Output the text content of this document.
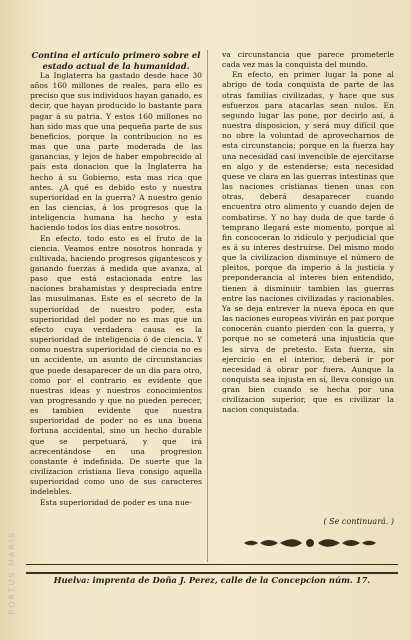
PORTUS MARIS

Contina el artículo primero sobre el estado actual de la humanidad.

La Inglaterra ha gastado desde hace 30 años 160 millones de reales, para ello es preciso que sus individuos hayan ganado, es decir, que hayan producido lo bastante para pagar á su patria. Y estos 160 millones no han sido mas que una pequeña parte de sus beneficios, porque la contribucion no es mas que una parte moderada de las ganancias, y lejos de haber empobrecido al país esta donacion que la Inglaterra ha hecho á su Gobierno, esta mas rica que antes. ¿A qué es debido esto y nuestra superioridad en la guerra? A nuestro genio en las ciencias, á los progresos que la inteligencia humana ha hecho y esta haciendo todos los dias entre nosotros.

En efecto, todo esto es el fruto de la ciencia. Veamos entre nosotros honrada y cultivada, haciendo progresos gigantescos y ganando fuerzas á medida que avanza, al paso que está estacionada entre las naciones brahamistas y despreciada entre las musulmanas. Este es el secreto de la superioridad de nuestro poder, esta superioridad del poder no es mas que un efecto cuya verdadera causa es la superioridad de inteligencia ó de ciencia. Y como nuestra superioridad de ciencia no es un accidente, un asunto de circunstancias que puede desaparecer de un dia para otro, como por el contrario es evidente que nuestras ideas y nuestros conocimientos van progresando y que no pueden perecer, es tambien evidente que nuestra superioridad de poder no es una buena fortuna accidental, sino un hecho durable que se perpetuará, y que irá acrecentándose en una progresion constante é indefinida. De suerte que la civilizacion cristiana lleva consigo aquella superioridad como uno de sus caracteres indelebles.

Esta superioridad de poder es una nue-

va circunstancia que parece prometerle cada vez mas la conquista del mundo.

En efecto, en primer lugar la pone al abrigo de toda conquista de parte de las otras familias civilizadas, y hace que sus esfuerzos para atacarlas sean nulos. En segundo lugar las pone, por decirlo así, á nuestra disposicion, y será muy difícil que no obre la voluntad de aprovecharnos de esta circunstancia; porque en la fuerza hay una necesidad casi invencible de ejercitarse en algo y de estenderse; esta necesidad quese ve clara en las guerras intestinas que las naciones cristianas tienen unas con otras, deberá desaparecer cuando encuentra otro alimento y cuando dejen de combatirse. Y no hay duda de que tarde ó temprano llegará este momento, porque al fin concoceran lo ridículo y perjudicial que es á su interes destruirse. Del mismo modo que la civilizacion disminuye el número de pleitos, porque da imperio á la justicia y preponderancia al interes bien entendido, tienen á disminuir tambien las guerras entre las naciones civilizadas y racionables. Ya se deja entrever la nueva época en que las naciones europeas vivirán en paz porque conocerán cuanto pierden con la guerra, y porque no se cometerá una injusticia que les sirva de pretesto. Esta fuerza, sin ejercicio en el interior, deberá ir por necesidad á obrar por fuera. Aunque la conquista sea injusta en sí, lleva consigo un gran bien cuando se hecha por una civilizacion superior, que es civilizar la nacion conquistada.

( Se continuará. )
Huelva: imprenta de Doña J. Perez, calle de la Concepcion núm. 17.
